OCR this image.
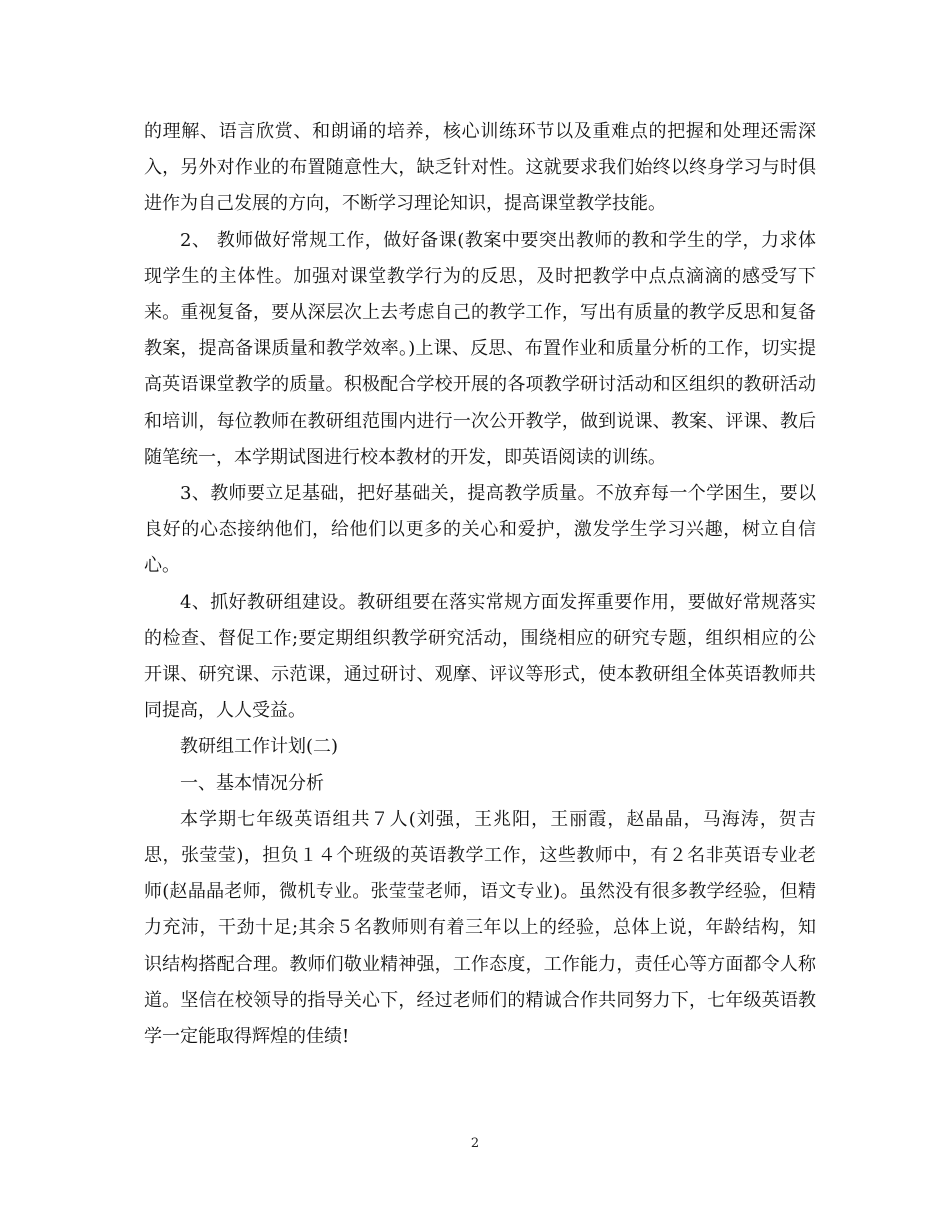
的理解、语言欣赏、和朗诵的培养，核心训练环节以及重难点的把握和处理还需深入，另外对作业的布置随意性大，缺乏针对性。这就要求我们始终以终身学习与时俱进作为自己发展的方向，不断学习理论知识，提高课堂教学技能。

2、 教师做好常规工作，做好备课(教案中要突出教师的教和学生的学，力求体现学生的主体性。加强对课堂教学行为的反思，及时把教学中点点滴滴的感受写下来。重视复备，要从深层次上去考虑自己的教学工作，写出有质量的教学反思和复备教案，提高备课质量和教学效率。)上课、反思、布置作业和质量分析的工作，切实提高英语课堂教学的质量。积极配合学校开展的各项教学研讨活动和区组织的教研活动和培训，每位教师在教研组范围内进行一次公开教学，做到说课、教案、评课、教后随笔统一，本学期试图进行校本教材的开发，即英语阅读的训练。

3、教师要立足基础，把好基础关，提高教学质量。不放弃每一个学困生，要以良好的心态接纳他们，给他们以更多的关心和爱护，激发学生学习兴趣，树立自信心。

4、抓好教研组建设。教研组要在落实常规方面发挥重要作用，要做好常规落实的检查、督促工作;要定期组织教学研究活动，围绕相应的研究专题，组织相应的公开课、研究课、示范课，通过研讨、观摩、评议等形式，使本教研组全体英语教师共同提高，人人受益。

教研组工作计划(二)

一、基本情况分析

本学期七年级英语组共７人(刘强，王兆阳，王丽霞，赵晶晶，马海涛，贺吉思，张莹莹)，担负１４个班级的英语教学工作，这些教师中，有２名非英语专业老师(赵晶晶老师，微机专业。张莹莹老师，语文专业)。虽然没有很多教学经验，但精力充沛，干劲十足;其余５名教师则有着三年以上的经验，总体上说，年龄结构，知识结构搭配合理。教师们敬业精神强，工作态度，工作能力，责任心等方面都令人称道。坚信在校领导的指导关心下，经过老师们的精诚合作共同努力下，七年级英语教学一定能取得辉煌的佳绩!

2
